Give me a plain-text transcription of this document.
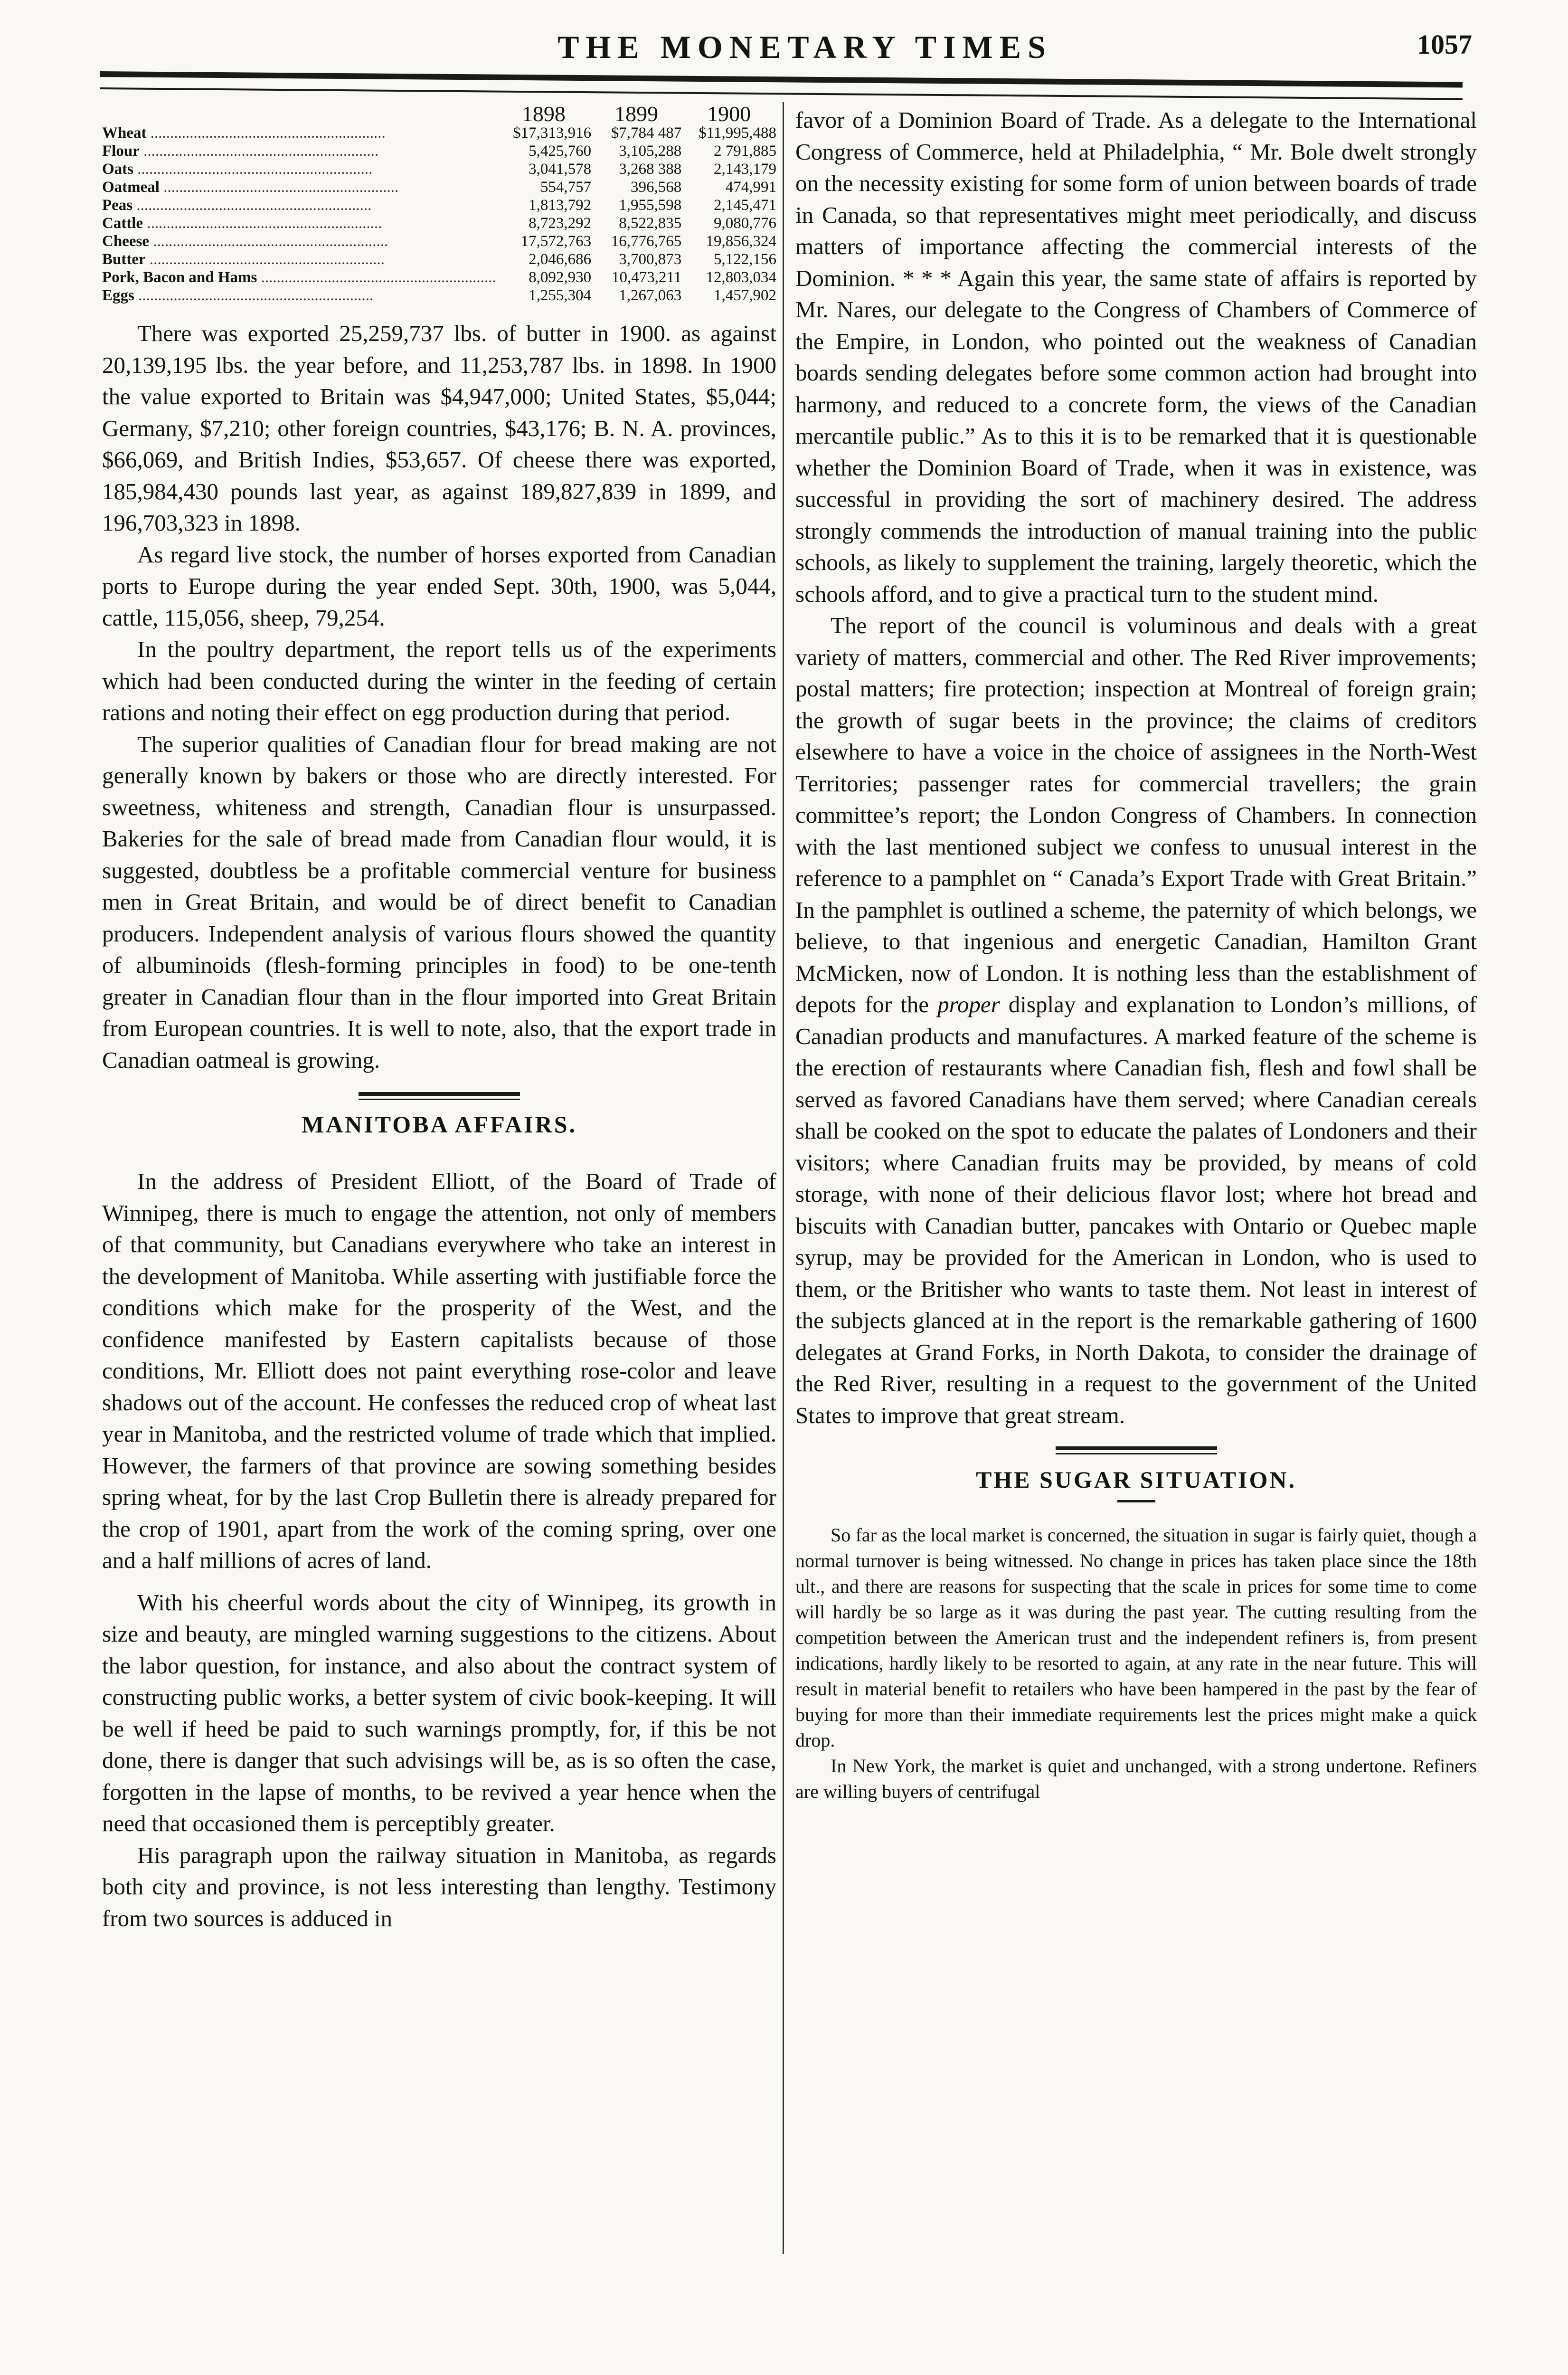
THE MONETARY TIMES	1057
	1898	1899	1900
Wheat ............................................................	$17,313,916	$7,784 487	$11,995,488
Flour ............................................................	5,425,760	3,105,288	2 791,885
Oats ............................................................	3,041,578	3,268 388	2,143,179
Oatmeal ............................................................	554,757	396,568	474,991
Peas ............................................................	1,813,792	1,955,598	2,145,471
Cattle ............................................................	8,723,292	8,522,835	9,080,776
Cheese ............................................................	17,572,763	16,776,765	19,856,324
Butter ............................................................	2,046,686	3,700,873	5,122,156
Pork, Bacon and Hams ............................................................	8,092,930	10,473,211	12,803,034
Eggs ............................................................	1,255,304	1,267,063	1,457,902

There was exported 25,259,737 lbs. of butter in 1900. as against 20,139,195 lbs. the year before, and 11,253,787 lbs. in 1898. In 1900 the value exported to Britain was $4,947,000; United States, $5,044; Germany, $7,210; other foreign countries, $43,176; B. N. A. provinces, $66,069, and British Indies, $53,657. Of cheese there was exported, 185,984,430 pounds last year, as against 189,827,839 in 1899, and 196,703,323 in 1898.

As regard live stock, the number of horses exported from Canadian ports to Europe during the year ended Sept. 30th, 1900, was 5,044, cattle, 115,056, sheep, 79,254.

In the poultry department, the report tells us of the experiments which had been conducted during the winter in the feeding of certain rations and noting their effect on egg production during that period.

The superior qualities of Canadian flour for bread making are not generally known by bakers or those who are directly interested. For sweetness, whiteness and strength, Canadian flour is unsurpassed. Bakeries for the sale of bread made from Canadian flour would, it is suggested, doubtless be a profitable commercial venture for business men in Great Britain, and would be of direct benefit to Canadian producers. Independent analysis of various flours showed the quantity of albuminoids (flesh-forming principles in food) to be one-tenth greater in Canadian flour than in the flour imported into Great Britain from European countries. It is well to note, also, that the export trade in Canadian oatmeal is growing.

MANITOBA AFFAIRS.

In the address of President Elliott, of the Board of Trade of Winnipeg, there is much to engage the attention, not only of members of that community, but Canadians everywhere who take an interest in the development of Manitoba. While asserting with justifiable force the conditions which make for the prosperity of the West, and the confidence manifested by Eastern capitalists because of those conditions, Mr. Elliott does not paint everything rose-color and leave shadows out of the account. He confesses the reduced crop of wheat last year in Manitoba, and the restricted volume of trade which that implied. However, the farmers of that province are sowing something besides spring wheat, for by the last Crop Bulletin there is already prepared for the crop of 1901, apart from the work of the coming spring, over one and a half millions of acres of land.

With his cheerful words about the city of Winnipeg, its growth in size and beauty, are mingled warning suggestions to the citizens. About the labor question, for instance, and also about the contract system of constructing public works, a better system of civic book-keeping. It will be well if heed be paid to such warnings promptly, for, if this be not done, there is danger that such advisings will be, as is so often the case, forgotten in the lapse of months, to be revived a year hence when the need that occasioned them is perceptibly greater.

His paragraph upon the railway situation in Manitoba, as regards both city and province, is not less interesting than lengthy. Testimony from two sources is adduced in

favor of a Dominion Board of Trade. As a delegate to the International Congress of Commerce, held at Philadelphia, “ Mr. Bole dwelt strongly on the necessity existing for some form of union between boards of trade in Canada, so that representatives might meet periodically, and discuss matters of importance affecting the commercial interests of the Dominion. * * * Again this year, the same state of affairs is reported by Mr. Nares, our delegate to the Congress of Chambers of Commerce of the Empire, in London, who pointed out the weakness of Canadian boards sending delegates before some common action had brought into harmony, and reduced to a concrete form, the views of the Canadian mercantile public.” As to this it is to be remarked that it is questionable whether the Dominion Board of Trade, when it was in existence, was successful in providing the sort of machinery desired. The address strongly commends the introduction of manual training into the public schools, as likely to supplement the training, largely theoretic, which the schools afford, and to give a practical turn to the student mind.

The report of the council is voluminous and deals with a great variety of matters, commercial and other. The Red River improvements; postal matters; fire protection; inspection at Montreal of foreign grain; the growth of sugar beets in the province; the claims of creditors elsewhere to have a voice in the choice of assignees in the North-West Territories; passenger rates for commercial travellers; the grain committee’s report; the London Congress of Chambers. In connection with the last mentioned subject we confess to unusual interest in the reference to a pamphlet on “ Canada’s Export Trade with Great Britain.” In the pamphlet is outlined a scheme, the paternity of which belongs, we believe, to that ingenious and energetic Canadian, Hamilton Grant McMicken, now of London. It is nothing less than the establishment of depots for the proper display and explanation to London’s millions, of Canadian products and manufactures. A marked feature of the scheme is the erection of restaurants where Canadian fish, flesh and fowl shall be served as favored Canadians have them served; where Canadian cereals shall be cooked on the spot to educate the palates of Londoners and their visitors; where Canadian fruits may be provided, by means of cold storage, with none of their delicious flavor lost; where hot bread and biscuits with Canadian butter, pancakes with Ontario or Quebec maple syrup, may be provided for the American in London, who is used to them, or the Britisher who wants to taste them. Not least in interest of the subjects glanced at in the report is the remarkable gathering of 1600 delegates at Grand Forks, in North Dakota, to consider the drainage of the Red River, resulting in a request to the government of the United States to improve that great stream.

THE SUGAR SITUATION.

So far as the local market is concerned, the situation in sugar is fairly quiet, though a normal turnover is being witnessed. No change in prices has taken place since the 18th ult., and there are reasons for suspecting that the scale in prices for some time to come will hardly be so large as it was during the past year. The cutting resulting from the competition between the American trust and the independent refiners is, from present indications, hardly likely to be resorted to again, at any rate in the near future. This will result in material benefit to retailers who have been hampered in the past by the fear of buying for more than their immediate requirements lest the prices might make a quick drop.

In New York, the market is quiet and unchanged, with a strong undertone. Refiners are willing buyers of centrifugal
